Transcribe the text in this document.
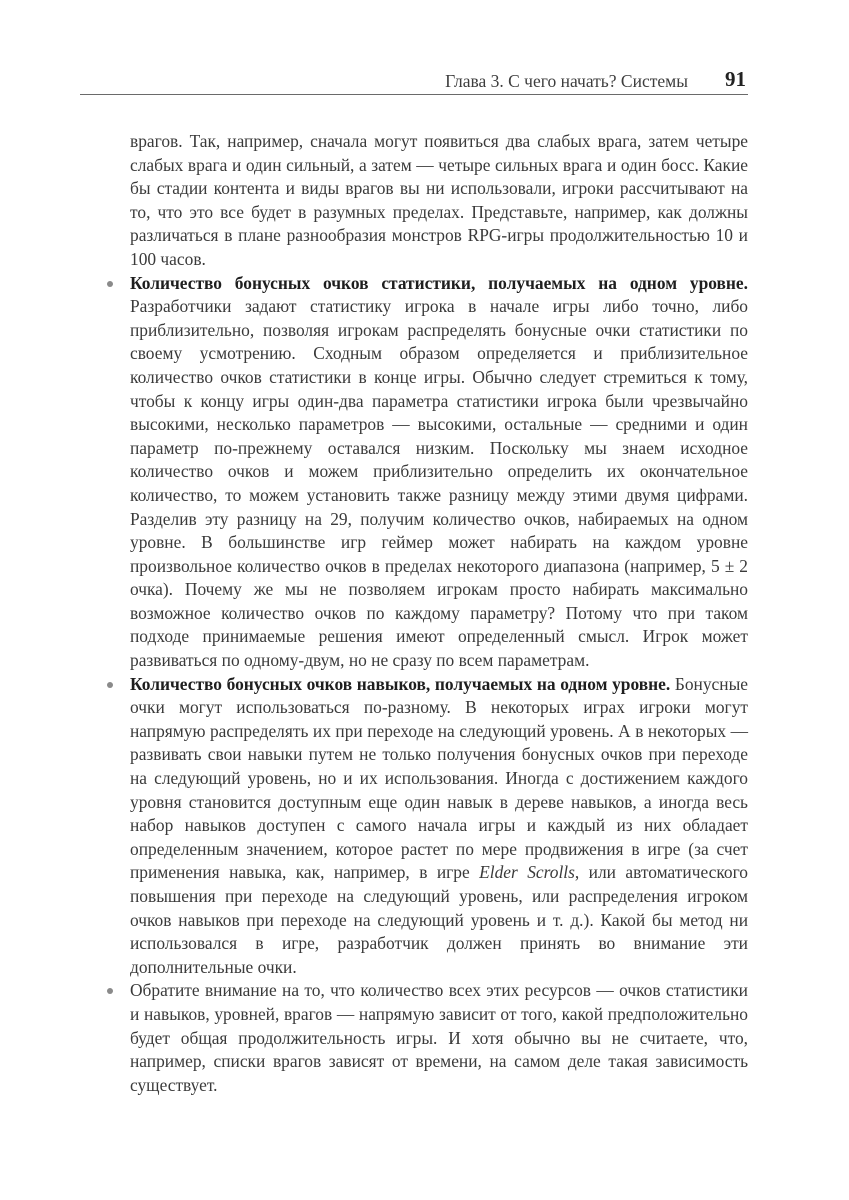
Глава 3. С чего начать? Системы 91

врагов. Так, например, сначала могут появиться два слабых врага, затем четыре слабых врага и один сильный, а затем — четыре сильных врага и один босс. Какие бы стадии контента и виды врагов вы ни использовали, игроки рассчитывают на то, что это все будет в разумных пределах. Представьте, например, как должны различаться в плане разнообразия монстров RPG-игры продолжительностью 10 и 100 часов.

Количество бонусных очков статистики, получаемых на одном уровне. Разработчики задают статистику игрока в начале игры либо точно, либо приблизительно, позволяя игрокам распределять бонусные очки статистики по своему усмотрению. Сходным образом определяется и приблизительное количество очков статистики в конце игры. Обычно следует стремиться к тому, чтобы к концу игры один-два параметра статистики игрока были чрезвычайно высокими, несколько параметров — высокими, остальные — средними и один параметр по-прежнему оставался низким. Поскольку мы знаем исходное количество очков и можем приблизительно определить их окончательное количество, то можем установить также разницу между этими двумя цифрами. Разделив эту разницу на 29, получим количество очков, набираемых на одном уровне. В большинстве игр геймер может набирать на каждом уровне произвольное количество очков в пределах некоторого диапазона (например, 5 ± 2 очка). Почему же мы не позволяем игрокам просто набирать максимально возможное количество очков по каждому параметру? Потому что при таком подходе принимаемые решения имеют определенный смысл. Игрок может развиваться по одному-двум, но не сразу по всем параметрам.

Количество бонусных очков навыков, получаемых на одном уровне. Бонусные очки могут использоваться по-разному. В некоторых играх игроки могут напрямую распределять их при переходе на следующий уровень. А в некоторых — развивать свои навыки путем не только получения бонусных очков при переходе на следующий уровень, но и их использования. Иногда с достижением каждого уровня становится доступным еще один навык в дереве навыков, а иногда весь набор навыков доступен с самого начала игры и каждый из них обладает определенным значением, которое растет по мере продвижения в игре (за счет применения навыка, как, например, в игре Elder Scrolls, или автоматического повышения при переходе на следующий уровень, или распределения игроком очков навыков при переходе на следующий уровень и т. д.). Какой бы метод ни использовался в игре, разработчик должен принять во внимание эти дополнительные очки.

Обратите внимание на то, что количество всех этих ресурсов — очков статистики и навыков, уровней, врагов — напрямую зависит от того, какой предположительно будет общая продолжительность игры. И хотя обычно вы не считаете, что, например, списки врагов зависят от времени, на самом деле такая зависимость существует.
